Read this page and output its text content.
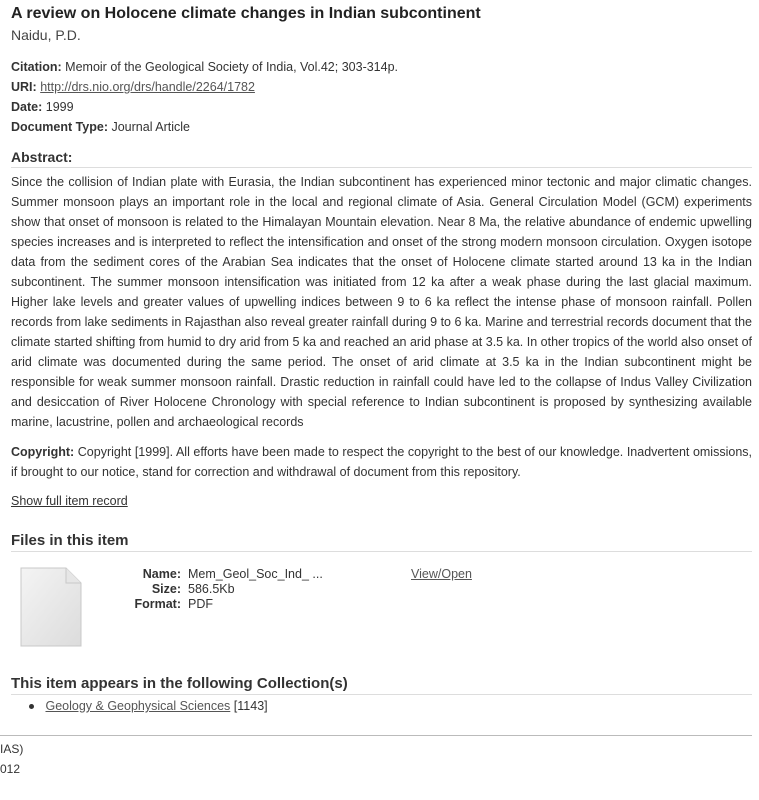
A review on Holocene climate changes in Indian subcontinent
Naidu, P.D.
Citation: Memoir of the Geological Society of India, Vol.42; 303-314p.
URI: http://drs.nio.org/drs/handle/2264/1782
Date: 1999
Document Type: Journal Article
Abstract:

Since the collision of Indian plate with Eurasia, the Indian subcontinent has experienced minor tectonic and major climatic changes. Summer monsoon plays an important role in the local and regional climate of Asia. General Circulation Model (GCM) experiments show that onset of monsoon is related to the Himalayan Mountain elevation. Near 8 Ma, the relative abundance of endemic upwelling species increases and is interpreted to reflect the intensification and onset of the strong modern monsoon circulation. Oxygen isotope data from the sediment cores of the Arabian Sea indicates that the onset of Holocene climate started around 13 ka in the Indian subcontinent. The summer monsoon intensification was initiated from 12 ka after a weak phase during the last glacial maximum. Higher lake levels and greater values of upwelling indices between 9 to 6 ka reflect the intense phase of monsoon rainfall. Pollen records from lake sediments in Rajasthan also reveal greater rainfall during 9 to 6 ka. Marine and terrestrial records document that the climate started shifting from humid to dry arid from 5 ka and reached an arid phase at 3.5 ka. In other tropics of the world also onset of arid climate was documented during the same period. The onset of arid climate at 3.5 ka in the Indian subcontinent might be responsible for weak summer monsoon rainfall. Drastic reduction in rainfall could have led to the collapse of Indus Valley Civilization and desiccation of River Holocene Chronology with special reference to Indian subcontinent is proposed by synthesizing available marine, lacustrine, pollen and archaeological records

Copyright: Copyright [1999]. All efforts have been made to respect the copyright to the best of our knowledge. Inadvertent omissions, if brought to our notice, stand for correction and withdrawal of document from this repository.

Show full item record
Files in this item
Name: Mem_Geol_Soc_Ind_ ...
Size: 586.5Kb
Format: PDF
View/Open
This item appears in the following Collection(s)
Geology & Geophysical Sciences [1143]
IAS)
012
